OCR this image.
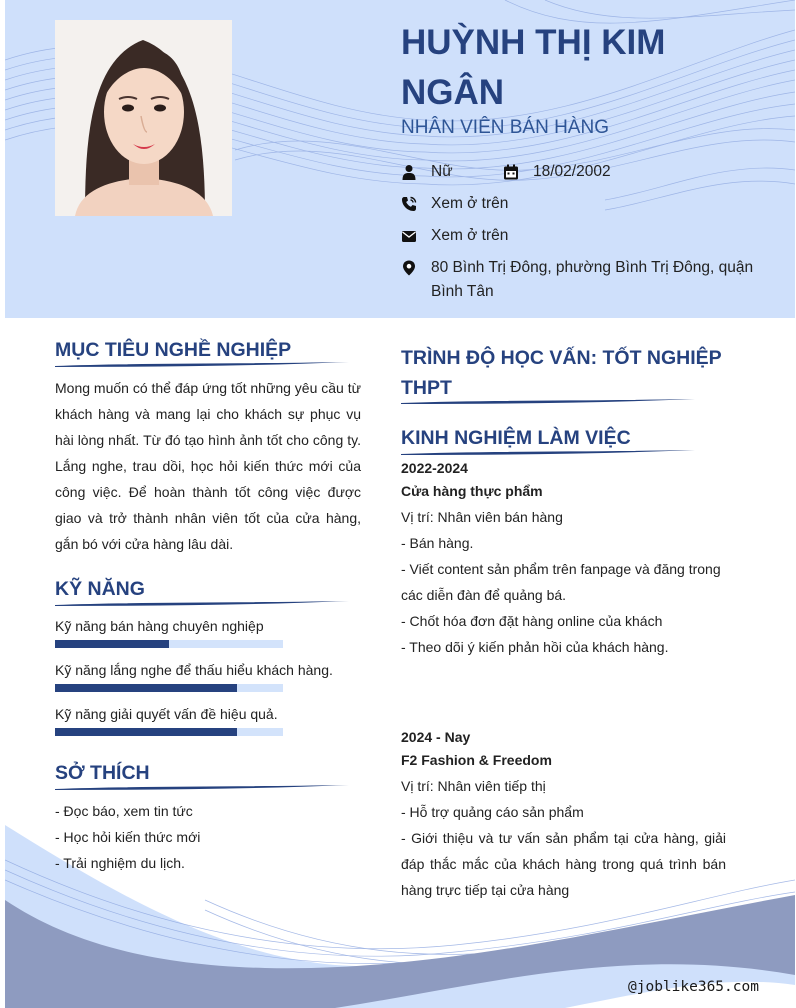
HUỲNH THỊ KIM NGÂN
NHÂN VIÊN BÁN HÀNG
Nữ	18/02/2002
Xem ở trên
Xem ở trên
80 Bình Trị Đông, phường Bình Trị Đông, quận Bình Tân
MỤC TIÊU NGHỀ NGHIỆP

Mong muốn có thể đáp ứng tốt những yêu cầu từ khách hàng và mang lại cho khách sự phục vụ hài lòng nhất. Từ đó tạo hình ảnh tốt cho công ty. Lắng nghe, trau dồi, học hỏi kiến thức mới của công việc. Để hoàn thành tốt công việc được giao và trở thành nhân viên tốt của cửa hàng, gắn bó với cửa hàng lâu dài.

KỸ NĂNG
Kỹ năng bán hàng chuyên nghiệp
Kỹ năng lắng nghe để thấu hiểu khách hàng.
Kỹ năng giải quyết vấn đề hiệu quả.
SỞ THÍCH
- Đọc báo, xem tin tức
- Học hỏi kiến thức mới
- Trải nghiệm du lịch.
TRÌNH ĐỘ HỌC VẤN: TỐT NGHIỆP THPT
KINH NGHIỆM LÀM VIỆC
2022-2024
Cửa hàng thực phẩm
Vị trí: Nhân viên bán hàng
- Bán hàng.
- Viết content sản phẩm trên fanpage và đăng trong các diễn đàn để quảng bá.
- Chốt hóa đơn đặt hàng online của khách
- Theo dõi ý kiến phản hồi của khách hàng.
2024 - Nay
F2 Fashion & Freedom
Vị trí: Nhân viên tiếp thị
- Hỗ trợ quảng cáo sản phẩm
- Giới thiệu và tư vấn sản phẩm tại cửa hàng, giải đáp thắc mắc của khách hàng trong quá trình bán hàng trực tiếp tại cửa hàng
@joblike365.com
